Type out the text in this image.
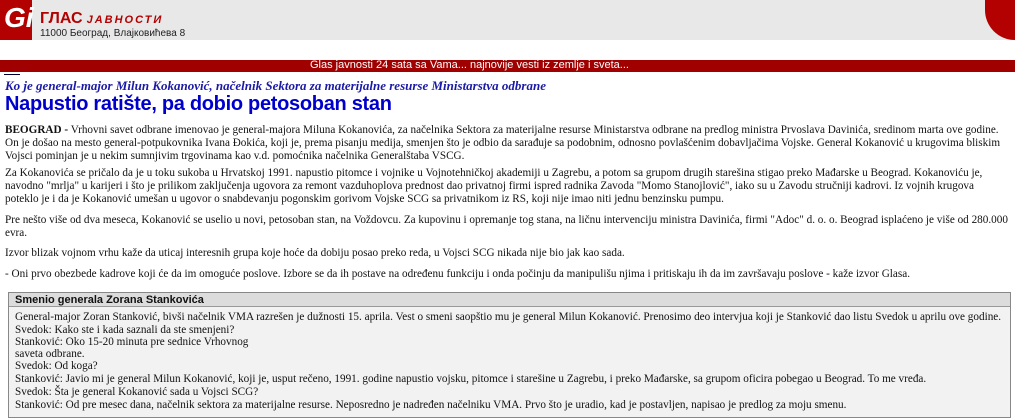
Gi ГЛАС ЈАВНОСТИ
11000 Београд, Влајковићева 8
Glas javnosti 24 sata sa Vama... najnovije vesti iz zemlje i sveta...
Ko je general-major Milun Kokanović, načelnik Sektora za materijalne resurse Ministarstva odbrane
Napustio ratište, pa dobio petosoban stan
BEOGRAD - Vrhovni savet odbrane imenovao je general-majora Miluna Kokanovića, za načelnika Sektora za materijalne resurse Ministarstva odbrane na predlog ministra Prvoslava Davinića, sredinom marta ove godine. On je došao na mesto general-potpukovnika Ivana Đokića, koji je, prema pisanju medija, smenjen što je odbio da sarađuje sa podobnim, odnosno povlašćenim dobavljačima Vojske. General Kokanović u krugovima bliskim Vojsci pominjan je u nekim sumnjivim trgovinama kao v.d. pomoćnika načelnika Generalštaba VSCG.
Za Kokanovića se pričalo da je u toku sukoba u Hrvatskoj 1991. napustio pitomce i vojnike u Vojnotehničkoj akademiji u Zagrebu, a potom sa grupom drugih starešina stigao preko Mađarske u Beograd. Kokanoviću je, navodno "mrlja" u karijeri i što je prilikom zaključenja ugovora za remont vazduhoplova prednost dao privatnoj firmi ispred radnika Zavoda "Momo Stanojlović", iako su u Zavodu stručniji kadrovi. Iz vojnih krugova poteklo je i da je Kokanović umešan u ugovor o snabdevanju pogonskim gorivom Vojske SCG sa privatnikom iz RS, koji nije imao niti jednu benzinsku pumpu.
Pre nešto više od dva meseca, Kokanović se uselio u novi, petosoban stan, na Voždovcu. Za kupovinu i opremanje tog stana, na ličnu intervenciju ministra Davinića, firmi "Adoc" d. o. o. Beograd isplaćeno je više od 280.000 evra.
Izvor blizak vojnom vrhu kaže da uticaj interesnih grupa koje hoće da dobiju posao preko reda, u Vojsci SCG nikada nije bio jak kao sada.
- Oni prvo obezbede kadrove koji će da im omoguće poslove. Izbore se da ih postave na određenu funkciju i onda počinju da manipulišu njima i pritiskaju ih da im završavaju poslove - kaže izvor Glasa.
Smenio generala Zorana Stankovića
General-major Zoran Stanković, bivši načelnik VMA razrešen je dužnosti 15. aprila. Vest o smeni saopštio mu je general Milun Kokanović. Prenosimo deo intervjua koji je Stanković dao listu Svedok u aprilu ove godine.
Svedok: Kako ste i kada saznali da ste smenjeni?
Stanković: Oko 15-20 minuta pre sednice Vrhovnog
saveta odbrane.
Svedok: Od koga?
Stanković: Javio mi je general Milun Kokanović, koji je, usput rečeno, 1991. godine napustio vojsku, pitomce i starešine u Zagrebu, i preko Mađarske, sa grupom oficira pobegao u Beograd. To me vređa.
Svedok: Šta je general Kokanović sada u Vojsci SCG?
Stanković: Od pre mesec dana, načelnik sektora za materijalne resurse. Neposredno je nadređen načelniku VMA. Prvo što je uradio, kad je postavljen, napisao je predlog za moju smenu.
